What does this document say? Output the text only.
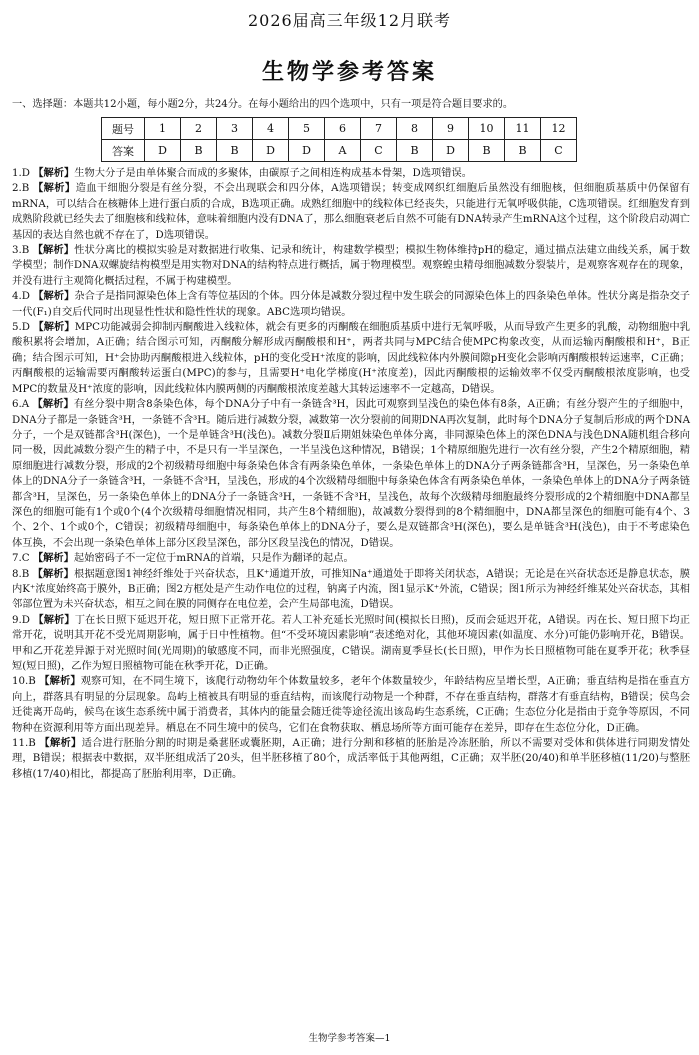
2026届高三年级12月联考
生物学参考答案
一、选择题：本题共12小题，每小题2分，共24分。在每小题给出的四个选项中，只有一项是符合题目要求的。
题号	1	2	3	4	5	6	7	8	9	10	11	12
答案	D	B	B	D	D	A	C	B	D	B	B	C

1.D 【解析】生物大分子是由单体聚合而成的多聚体，由碳原子之间相连构成基本骨架，D选项错误。

2.B 【解析】造血干细胞分裂是有丝分裂，不会出现联会和四分体，A选项错误；转变成网织红细胞后虽然没有细胞核，但细胞质基质中仍保留有mRNA，可以结合在核糖体上进行蛋白质的合成，B选项正确。成熟红细胞中的线粒体已经丧失，只能进行无氧呼吸供能，C选项错误。红细胞发育到成熟阶段就已经失去了细胞核和线粒体，意味着细胞内没有DNA了，那么细胞衰老后自然不可能有DNA转录产生mRNA这个过程，这个阶段启动凋亡基因的表达自然也就不存在了，D选项错误。

3.B 【解析】性状分离比的模拟实验是对数据进行收集、记录和统计，构建数学模型；模拟生物体维持pH的稳定，通过描点法建立曲线关系，属于数学模型；制作DNA双螺旋结构模型是用实物对DNA的结构特点进行概括，属于物理模型。观察蝗虫精母细胞减数分裂装片，是观察客观存在的现象，并没有进行主观简化概括过程，不属于构建模型。

4.D 【解析】杂合子是指同源染色体上含有等位基因的个体。四分体是减数分裂过程中发生联会的同源染色体上的四条染色单体。性状分离是指杂交子一代(F₁)自交后代同时出现显性性状和隐性性状的现象。ABC选项均错误。

5.D 【解析】MPC功能减弱会抑制丙酮酸进入线粒体，就会有更多的丙酮酸在细胞质基质中进行无氧呼吸，从而导致产生更多的乳酸，动物细胞中乳酸积累将会增加，A正确；结合图示可知，丙酮酸分解形成丙酮酸根和H⁺，两者共同与MPC结合使MPC构象改变，从而运输丙酮酸根和H⁺，B正确；结合图示可知，H⁺会协助丙酮酸根进入线粒体，pH的变化受H⁺浓度的影响，因此线粒体内外膜间隙pH变化会影响丙酮酸根转运速率，C正确；丙酮酸根的运输需要丙酮酸转运蛋白(MPC)的参与，且需要H⁺电化学梯度(H⁺浓度差)，因此丙酮酸根的运输效率不仅受丙酮酸根浓度影响，也受MPC的数量及H⁺浓度的影响，因此线粒体内膜两侧的丙酮酸根浓度差越大其转运速率不一定越高，D错误。

6.A 【解析】有丝分裂中期含8条染色体，每个DNA分子中有一条链含³H，因此可观察到呈浅色的染色体有8条，A正确；有丝分裂产生的子细胞中，DNA分子都是一条链含³H，一条链不含³H。随后进行减数分裂，减数第一次分裂前的间期DNA再次复制，此时每个DNA分子复制后形成的两个DNA分子，一个是双链都含³H(深色)，一个是单链含³H(浅色)。减数分裂Ⅱ后期姐妹染色单体分离，非同源染色体上的深色DNA与浅色DNA随机组合移向同一极，因此减数分裂产生的精子中，不是只有一半呈深色，一半呈浅色这种情况，B错误；1个精原细胞先进行一次有丝分裂，产生2个精原细胞，精原细胞进行减数分裂，形成的2个初级精母细胞中每条染色体含有两条染色单体，一条染色单体上的DNA分子两条链都含³H，呈深色，另一条染色单体上的DNA分子一条链含³H，一条链不含³H，呈浅色，形成的4个次级精母细胞中每条染色体含有两条染色单体，一条染色单体上的DNA分子两条链都含³H，呈深色，另一条染色单体上的DNA分子一条链含³H，一条链不含³H，呈浅色，故每个次级精母细胞最终分裂形成的2个精细胞中DNA都呈深色的细胞可能有1个或0个(4个次级精母细胞情况相同，共产生8个精细胞)，故减数分裂得到的8个精细胞中，DNA都呈深色的细胞可能有4个、3个、2个、1个或0个，C错误；初级精母细胞中，每条染色单体上的DNA分子，要么是双链都含³H(深色)，要么是单链含³H(浅色)，由于不考虑染色体互换，不会出现一条染色单体上部分区段呈深色，部分区段呈浅色的情况，D错误。

7.C 【解析】起始密码子不一定位于mRNA的首端，只是作为翻译的起点。

8.B 【解析】根据题意图1神经纤维处于兴奋状态，且K⁺通道开放，可推知Na⁺通道处于即将关闭状态，A错误；无论是在兴奋状态还是静息状态，膜内K⁺浓度始终高于膜外，B正确；图2方框处是产生动作电位的过程，钠离子内流，图1显示K⁺外流，C错误；图1所示为神经纤维某处兴奋状态，其相邻部位置为未兴奋状态，相互之间在膜的同侧存在电位差，会产生局部电流，D错误。

9.D 【解析】丁在长日照下延迟开花，短日照下正常开花。若人工补充延长光照时间(模拟长日照)，反而会延迟开花，A错误。丙在长、短日照下均正常开花，说明其开花不受光周期影响，属于日中性植物。但“不受环境因素影响”表述绝对化，其他环境因素(如温度、水分)可能仍影响开花，B错误。甲和乙开花差异源于对光照时间(光周期)的敏感度不同，而非光照强度，C错误。湖南夏季昼长(长日照)，甲作为长日照植物可能在夏季开花；秋季昼短(短日照)，乙作为短日照植物可能在秋季开花，D正确。

10.B 【解析】观察可知，在不同生境下，该爬行动物幼年个体数量较多，老年个体数量较少，年龄结构应呈增长型，A正确；垂直结构是指在垂直方向上，群落具有明显的分层现象。岛屿上植被具有明显的垂直结构，而该爬行动物是一个种群，不存在垂直结构，群落才有垂直结构，B错误；侯鸟会迁徙离开岛屿，候鸟在该生态系统中属于消费者，其体内的能量会随迁徙等途径流出该岛屿生态系统，C正确；生态位分化是指由于竞争等原因，不同物种在资源利用等方面出现差异。栖息在不同生境中的侯鸟，它们在食物获取、栖息场所等方面可能存在差异，即存在生态位分化，D正确。

11.B 【解析】适合进行胚胎分割的时期是桑葚胚或囊胚期，A正确；进行分割和移植的胚胎是冷冻胚胎，所以不需要对受体和供体进行同期发情处理，B错误；根据表中数据，双半胚组成活了20头，但半胚移植了80个，成活率低于其他两组，C正确；双半胚(20/40)和单半胚移植(11/20)与整胚移植(17/40)相比，都提高了胚胎利用率，D正确。

生物学参考答案—1
